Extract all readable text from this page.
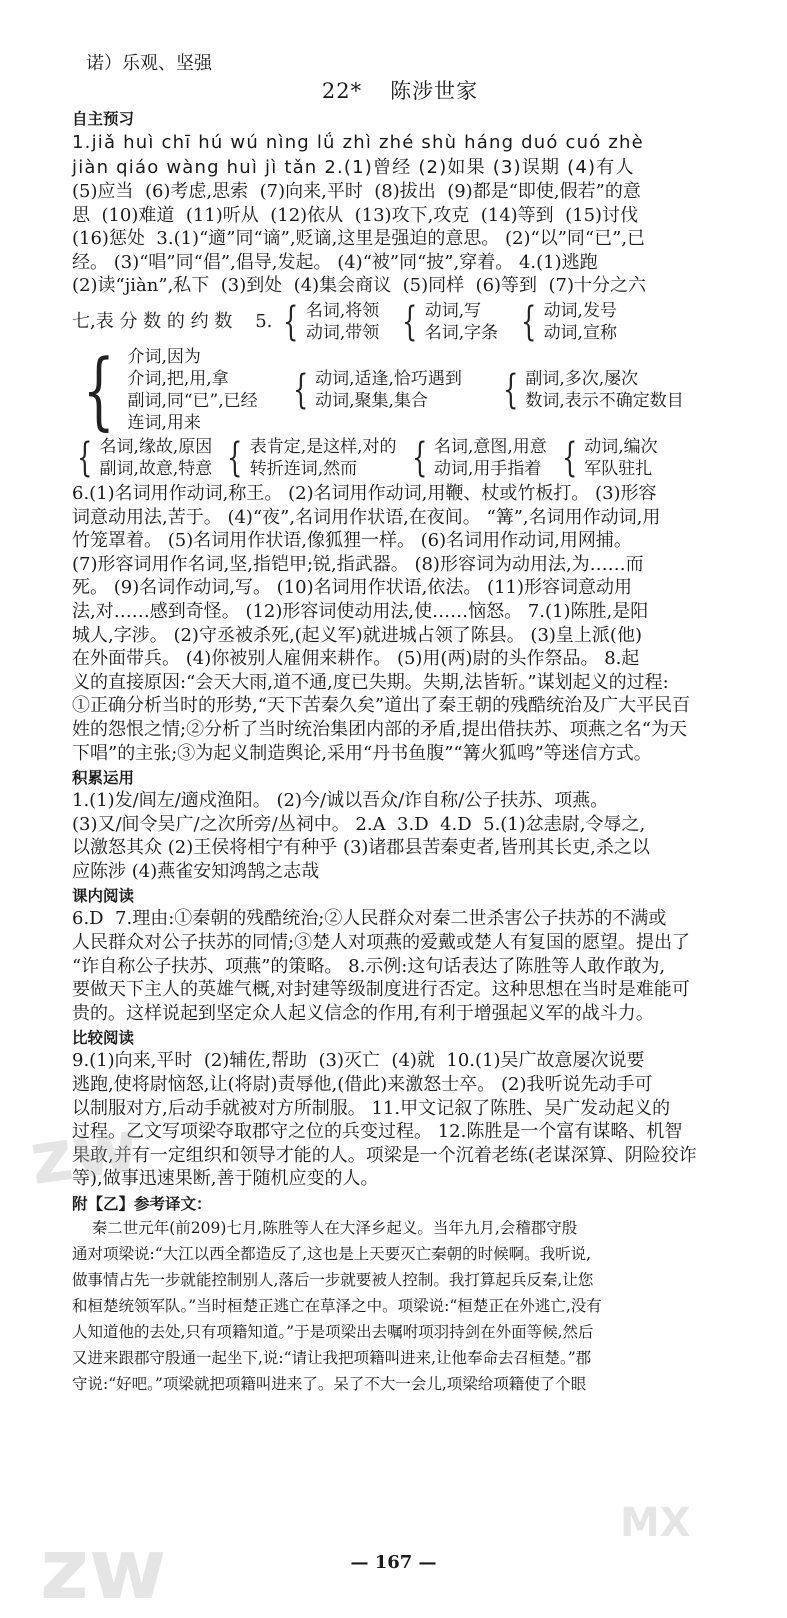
诺）乐观、坚强
22* 陈涉世家
自主预习
1.jiǎ huì chī hú wú nìng lǘ zhì zhé shù háng duó cuó zhè
jiàn qiáo wàng huì jì tǎn 2.(1)曾经 (2)如果 (3)误期 (4)有人
(5)应当  (6)考虑,思索  (7)向来,平时  (8)拔出  (9)都是“即使,假若”的意
思  (10)难道  (11)听从  (12)依从  (13)攻下,攻克  (14)等到  (15)讨伐
(16)惩处  3.(1)“適”同“谪”,贬谪,这里是强迫的意思。 (2)“以”同“已”,已
经。 (3)“唱”同“倡”,倡导,发起。 (4)“被”同“披”,穿着。 4.(1)逃跑
(2)读“jiàn”,私下  (3)到处  (4)集会商议  (5)同样  (6)等到  (7)十分之六
七,表 分 数 的 约 数    5. { 名词,将领
动词,带领 { 动词,写
名词,字条 { 动词,发号
动词,宣称
{ 介词,因为
介词,把,用,拿
副词,同“已”,已经
连词,用来
{ 动词,适逢,恰巧遇到
动词,聚集,集合	{ 副词,多次,屡次
数词,表示不确定数目
{ 名词,缘故,原因
副词,故意,特意 { 表肯定,是这样,对的
转折连词,然而	{ 名词,意图,用意
动词,用手指着 { 动词,编次
军队驻扎
6.(1)名词用作动词,称王。 (2)名词用作动词,用鞭、杖或竹板打。 (3)形容
词意动用法,苦于。 (4)“夜”,名词用作状语,在夜间。 “篝”,名词用作动词,用
竹笼罩着。 (5)名词用作状语,像狐狸一样。 (6)名词用作动词,用网捕。
(7)形容词用作名词,坚,指铠甲;锐,指武器。 (8)形容词为动用法,为……而
死。 (9)名词作动词,写。 (10)名词用作状语,依法。 (11)形容词意动用
法,对……感到奇怪。 (12)形容词使动用法,使……恼怒。 7.(1)陈胜,是阳
城人,字涉。 (2)守丞被杀死,(起义军)就进城占领了陈县。 (3)皇上派(他)
在外面带兵。 (4)你被别人雇佣来耕作。 (5)用(两)尉的头作祭品。 8.起
义的直接原因:“会天大雨,道不通,度已失期。失期,法皆斩。”谋划起义的过程:
①正确分析当时的形势,“天下苦秦久矣”道出了秦王朝的残酷统治及广大平民百
姓的怨恨之情;②分析了当时统治集团内部的矛盾,提出借扶苏、项燕之名“为天
下唱”的主张;③为起义制造舆论,采用“丹书鱼腹”“篝火狐鸣”等迷信方式。
积累运用
1.(1)发/闾左/適戍渔阳。 (2)今/诚以吾众/诈自称/公子扶苏、项燕。
(3)又/间令吴广/之次所旁/丛祠中。 2.A  3.D  4.D  5.(1)忿恚尉,令辱之,
以激怒其众 (2)王侯将相宁有种乎 (3)诸郡县苦秦吏者,皆刑其长吏,杀之以
应陈涉 (4)燕雀安知鸿鹄之志哉
课内阅读
6.D  7.理由:①秦朝的残酷统治;②人民群众对秦二世杀害公子扶苏的不满或
人民群众对公子扶苏的同情;③楚人对项燕的爱戴或楚人有复国的愿望。提出了
“诈自称公子扶苏、项燕”的策略。 8.示例:这句话表达了陈胜等人敢作敢为,
要做天下主人的英雄气概,对封建等级制度进行否定。这种思想在当时是难能可
贵的。这样说起到坚定众人起义信念的作用,有利于增强起义军的战斗力。
比较阅读
9.(1)向来,平时  (2)辅佐,帮助  (3)灭亡  (4)就  10.(1)吴广故意屡次说要
逃跑,使将尉恼怒,让(将尉)责辱他,(借此)来激怒士卒。 (2)我听说先动手可
以制服对方,后动手就被对方所制服。 11.甲文记叙了陈胜、吴广发动起义的
过程。乙文写项梁夺取郡守之位的兵变过程。 12.陈胜是一个富有谋略、机智
果敢,并有一定组织和领导才能的人。项梁是一个沉着老练(老谋深算、阴险狡诈
等),做事迅速果断,善于随机应变的人。
附【乙】参考译文：
秦二世元年(前209)七月,陈胜等人在大泽乡起义。当年九月,会稽郡守殷
通对项梁说:“大江以西全都造反了,这也是上天要灭亡秦朝的时候啊。我听说,
做事情占先一步就能控制别人,落后一步就要被人控制。我打算起兵反秦,让您
和桓楚统领军队。”当时桓楚正逃亡在草泽之中。项梁说:“桓楚正在外逃亡,没有
人知道他的去处,只有项籍知道。”于是项梁出去嘱咐项羽持剑在外面等候,然后
又进来跟郡守殷通一起坐下,说:“请让我把项籍叫进来,让他奉命去召桓楚。”郡
守说:“好吧。”项梁就把项籍叫进来了。呆了不大一会儿,项梁给项籍使了个眼
— 167 —
zw
zw	MX
